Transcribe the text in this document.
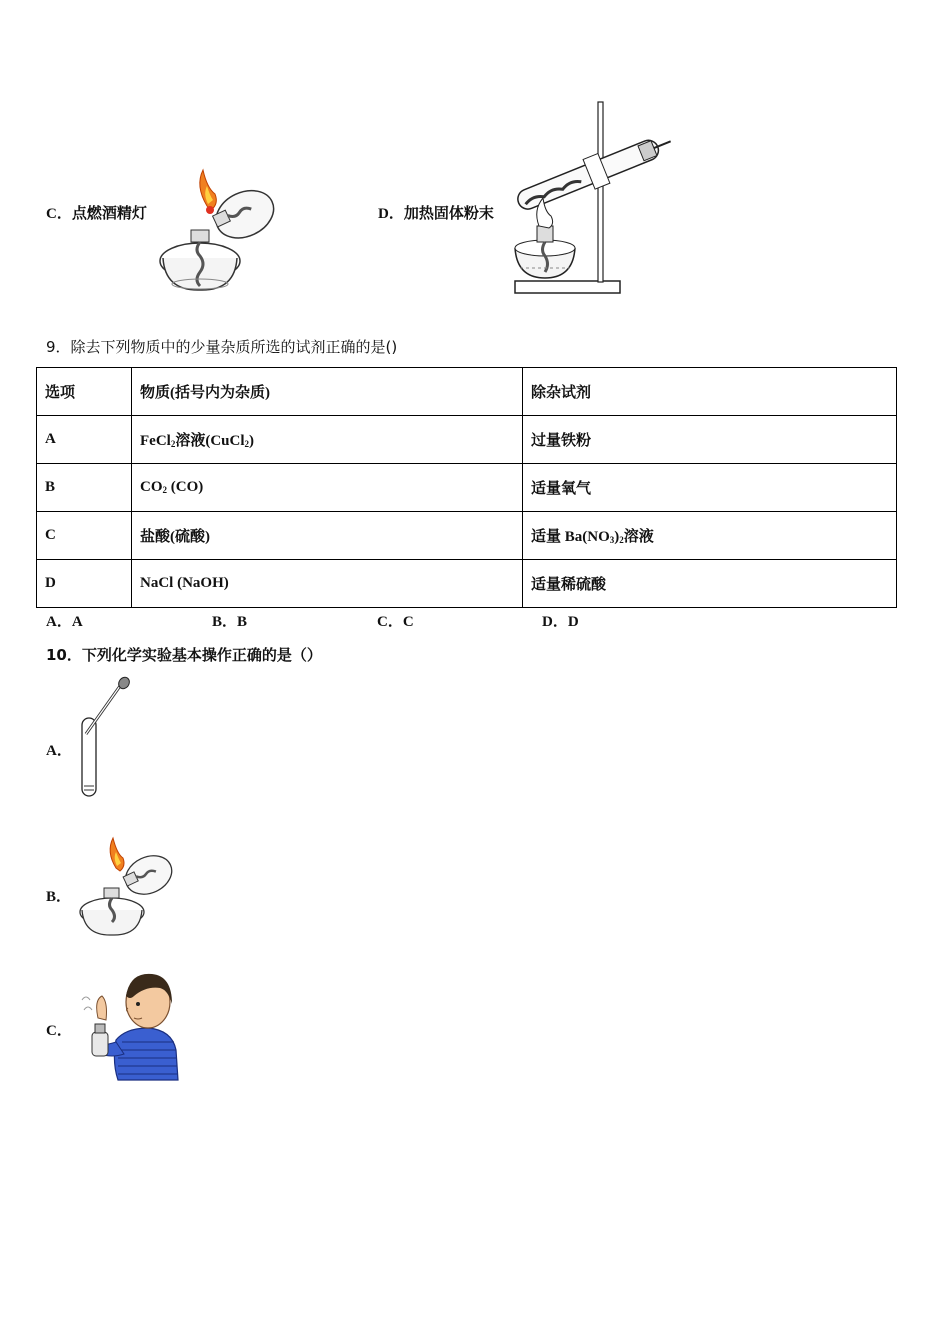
C．点燃酒精灯	D．加热固体粉末
9．除去下列物质中的少量杂质所选的试剂正确的是()
选项	物质(括号内为杂质)	除杂试剂
A	FeCl$_2$溶液(CuCl$_2$)	过量铁粉
B	$CO_2$ (CO)	适量氧气
C	盐酸(硫酸)	适量 $Ba(NO_3)_2$溶液
D	NaCl (NaOH)	适量稀硫酸
A．A	B．B	C．C	D．D
10．下列化学实验基本操作正确的是（）
A．
B．
C．
